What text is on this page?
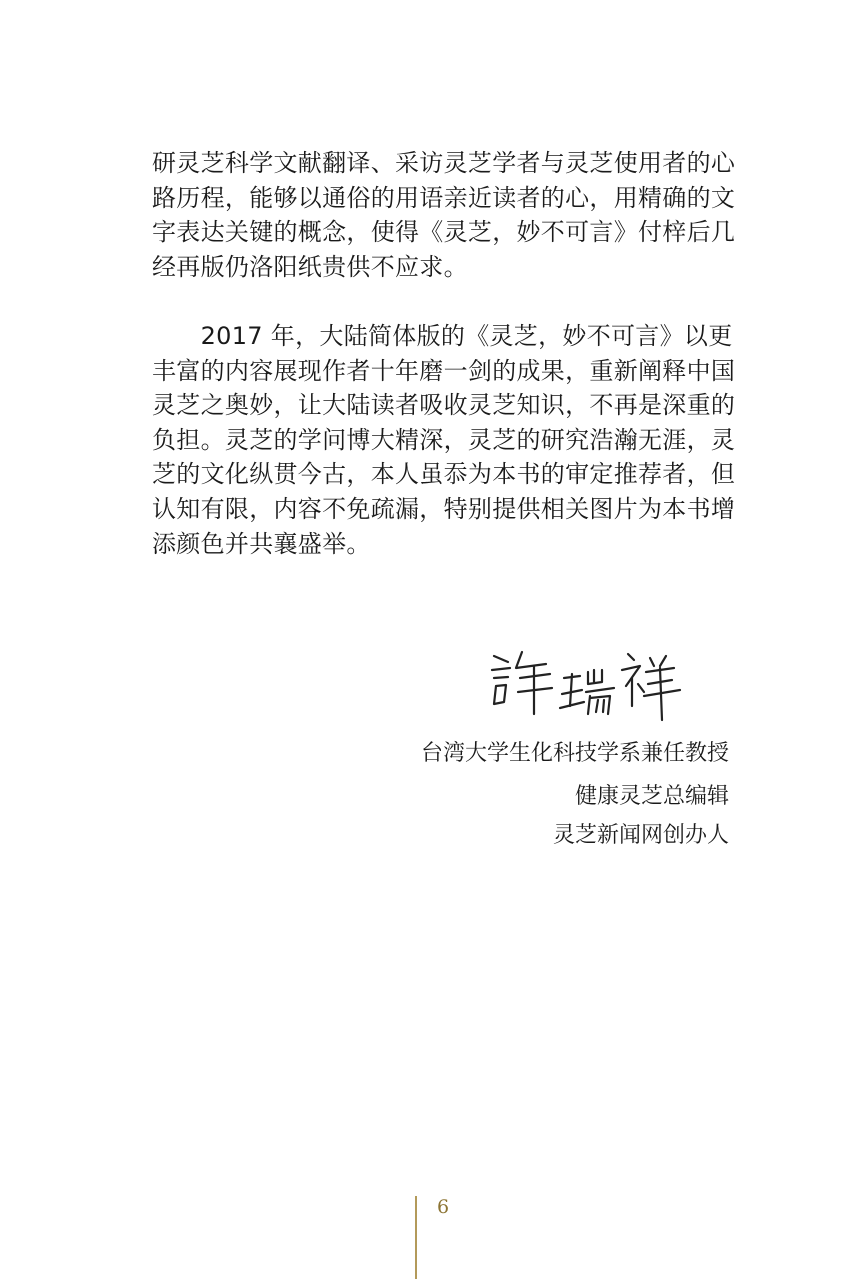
研灵芝科学文献翻译、采访灵芝学者与灵芝使用者的心
路历程，能够以通俗的用语亲近读者的心，用精确的文
字表达关键的概念，使得《灵芝，妙不可言》付梓后几
经再版仍洛阳纸贵供不应求。
　　2017 年，大陆简体版的《灵芝，妙不可言》以更
丰富的内容展现作者十年磨一剑的成果，重新阐释中国
灵芝之奥妙，让大陆读者吸收灵芝知识，不再是深重的
负担。灵芝的学问博大精深，灵芝的研究浩瀚无涯，灵
芝的文化纵贯今古，本人虽忝为本书的审定推荐者，但
认知有限，内容不免疏漏，特别提供相关图片为本书增
添颜色并共襄盛举。
台湾大学生化科技学系兼任教授
健康灵芝总编辑
灵芝新闻网创办人
6
